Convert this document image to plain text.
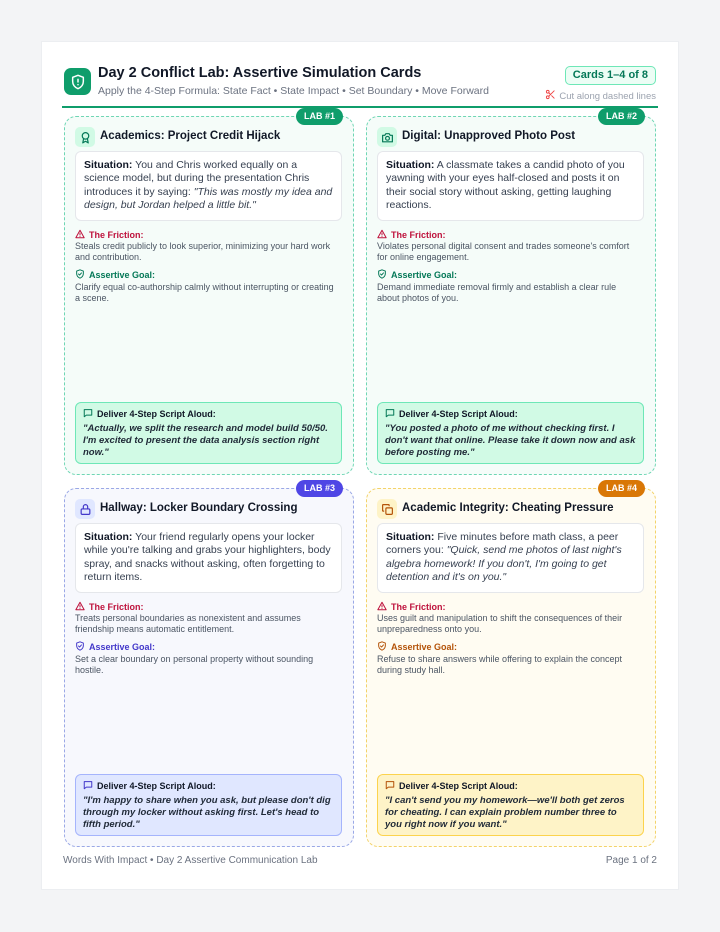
Day 2 Conflict Lab: Assertive Simulation Cards
Apply the 4-Step Formula: State Fact • State Impact • Set Boundary • Move Forward
Cards 1–4 of 8
Cut along dashed lines
LAB #1
Academics: Project Credit Hijack
Situation: You and Chris worked equally on a science model, but during the presentation Chris introduces it by saying: "This was mostly my idea and design, but Jordan helped a little bit."
The Friction:
Steals credit publicly to look superior, minimizing your hard work and contribution.
Assertive Goal:
Clarify equal co-authorship calmly without interrupting or creating a scene.
Deliver 4-Step Script Aloud:
"Actually, we split the research and model build 50/50. I'm excited to present the data analysis section right now."
LAB #2
Digital: Unapproved Photo Post
Situation: A classmate takes a candid photo of you yawning with your eyes half-closed and posts it on their social story without asking, getting laughing reactions.
The Friction:
Violates personal digital consent and trades someone's comfort for online engagement.
Assertive Goal:
Demand immediate removal firmly and establish a clear rule about photos of you.
Deliver 4-Step Script Aloud:
"You posted a photo of me without checking first. I don't want that online. Please take it down now and ask before posting me."
LAB #3
Hallway: Locker Boundary Crossing
Situation: Your friend regularly opens your locker while you're talking and grabs your highlighters, body spray, and snacks without asking, often forgetting to return items.
The Friction:
Treats personal boundaries as nonexistent and assumes friendship means automatic entitlement.
Assertive Goal:
Set a clear boundary on personal property without sounding hostile.
Deliver 4-Step Script Aloud:
"I'm happy to share when you ask, but please don't dig through my locker without asking first. Let's head to fifth period."
LAB #4
Academic Integrity: Cheating Pressure
Situation: Five minutes before math class, a peer corners you: "Quick, send me photos of last night's algebra homework! If you don't, I'm going to get detention and it's on you."
The Friction:
Uses guilt and manipulation to shift the consequences of their unpreparedness onto you.
Assertive Goal:
Refuse to share answers while offering to explain the concept during study hall.
Deliver 4-Step Script Aloud:
"I can't send you my homework—we'll both get zeros for cheating. I can explain problem number three to you right now if you want."
Words With Impact • Day 2 Assertive Communication Lab	Page 1 of 2
